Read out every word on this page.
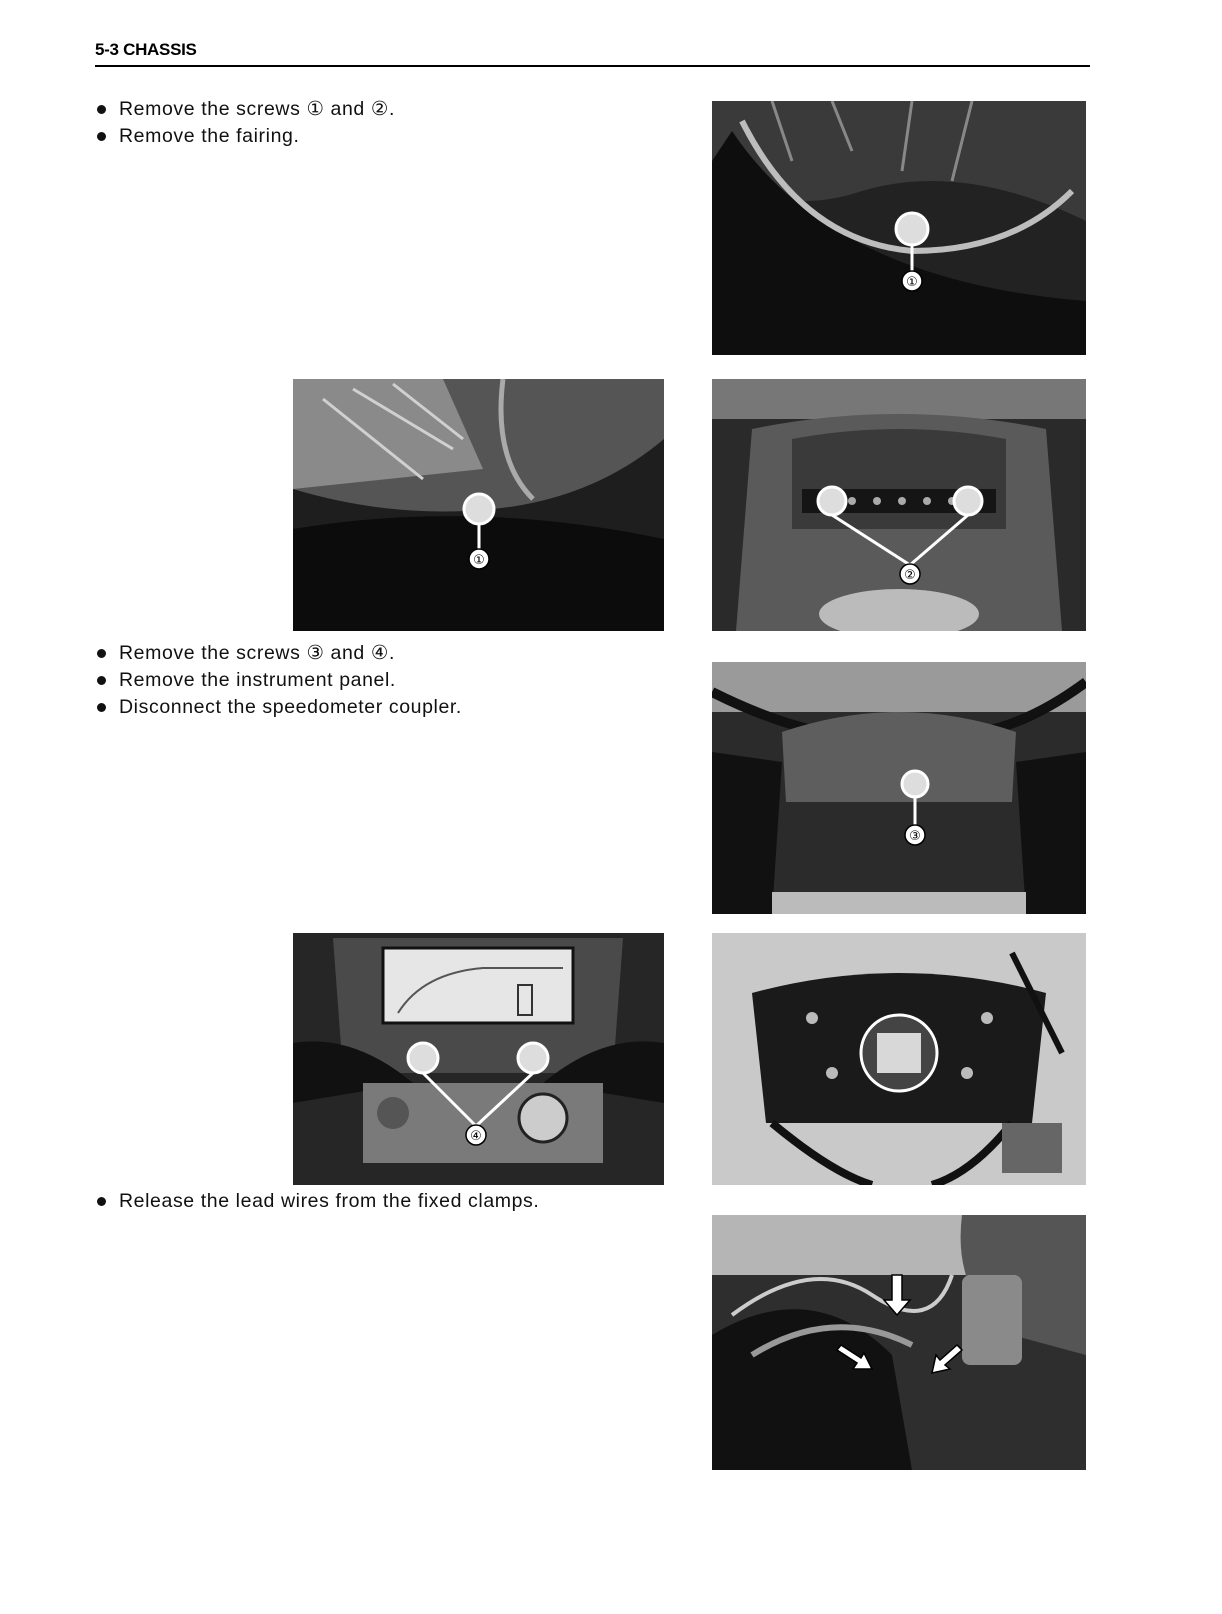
5-3 CHASSIS
Remove the screws ① and ②.
Remove the fairing.
Remove the screws ③ and ④.
Remove the instrument panel.
Disconnect the speedometer coupler.
Release the lead wires from the fixed clamps.
①
①
②
③
④
